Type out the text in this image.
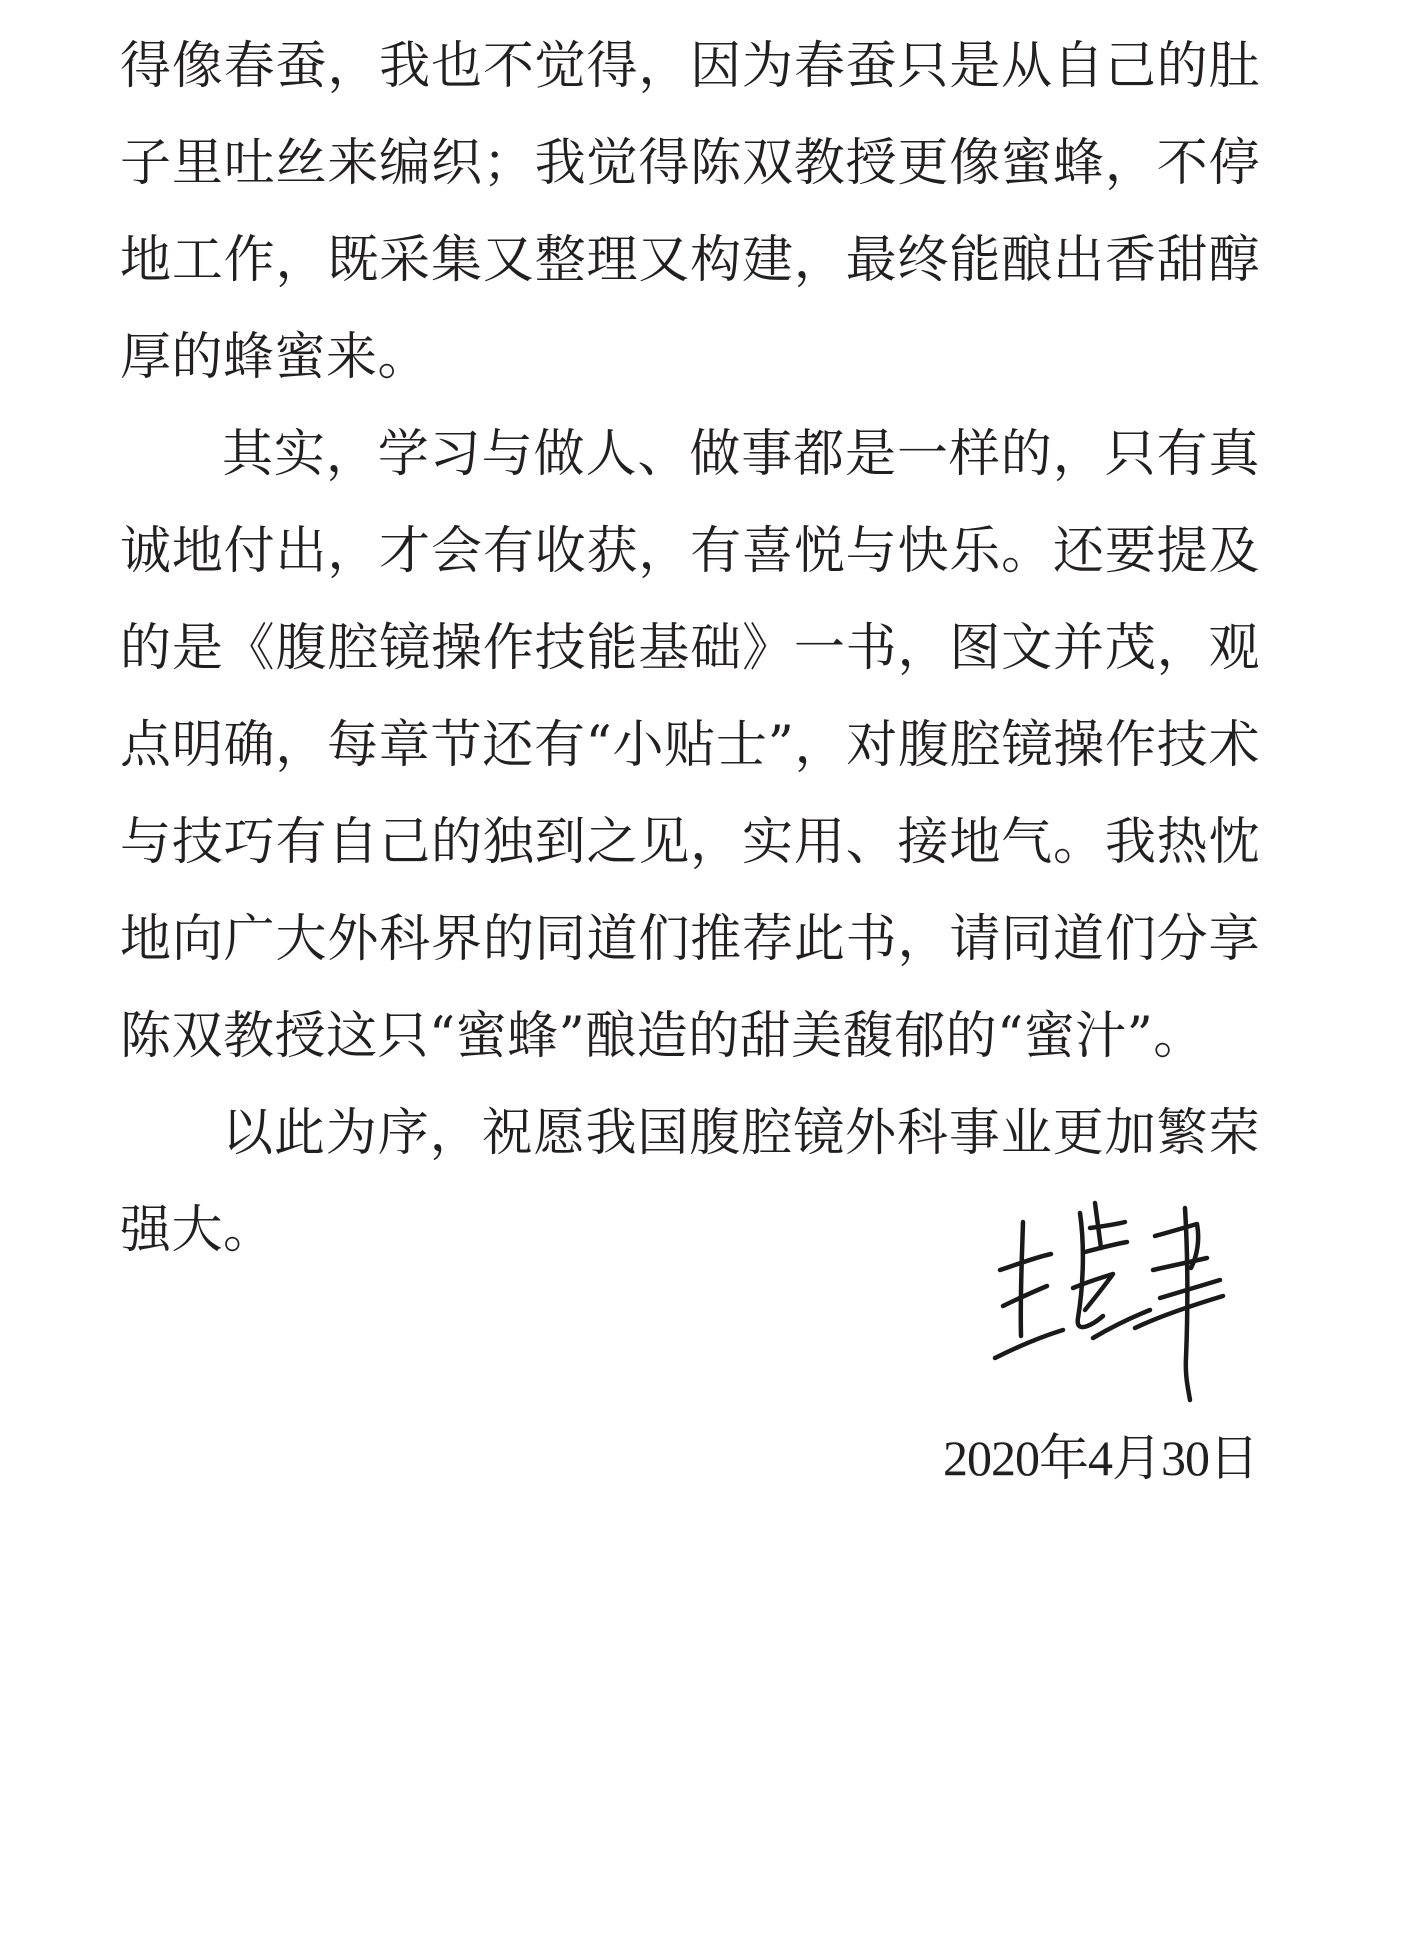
得像春蚕，我也不觉得，因为春蚕只是从自己的肚子里吐丝来编织；我觉得陈双教授更像蜜蜂，不停地工作，既采集又整理又构建，最终能酿出香甜醇厚的蜂蜜来。

其实，学习与做人、做事都是一样的，只有真诚地付出，才会有收获，有喜悦与快乐。还要提及的是《腹腔镜操作技能基础》一书，图文并茂，观点明确，每章节还有“小贴士”，对腹腔镜操作技术与技巧有自己的独到之见，实用、接地气。我热忱地向广大外科界的同道们推荐此书，请同道们分享陈双教授这只“蜜蜂”酿造的甜美馥郁的“蜜汁”。

以此为序，祝愿我国腹腔镜外科事业更加繁荣强大。

2020年4月30日
